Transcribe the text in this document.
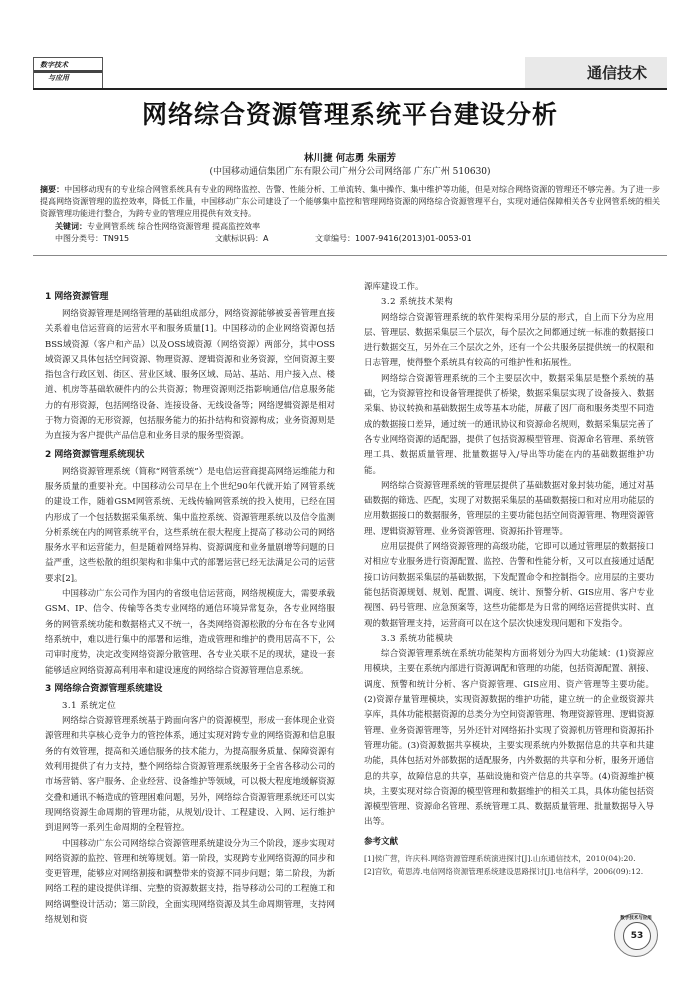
数字技术
与应用	通信技术
网络综合资源管理系统平台建设分析
林川捷 何志勇 朱丽芳
(中国移动通信集团广东有限公司广州分公司网络部 广东广州 510630)
摘要：中国移动现有的专业综合网管系统具有专业的网络监控、告警、性能分析、工单流转、集中操作、集中维护等功能，但是对综合网络资源的管理还不够完善。为了进一步提高网络资源管理的监控效率，降低工作量，中国移动广东公司建设了一个能够集中监控和管理网络资源的网络综合资源管理平台，实现对通信保障相关各专业网管系统的相关资源管理功能进行整合，为跨专业的管理应用提供有效支持。
关键词：专业网管系统 综合性网络资源管理 提高监控效率
中图分类号：TN915	文献标识码：A	文章编号：1007-9416(2013)01-0053-01
1 网络资源管理

网络资源管理是网络管理的基础组成部分，网络资源能够被妥善管理直接关系着电信运营商的运营水平和服务质量[1]。中国移动的企业网络资源包括BSS域资源（客户和产品）以及OSS域资源（网络资源）两部分，其中OSS域资源又具体包括空间资源、物理资源、逻辑资源和业务资源，空间资源主要指包含行政区划、街区、营业区域、服务区域、局站、基站、用户接入点、楼道、机房等基础软硬件内的公共资源；物理资源则泛指影响通信/信息服务能力的有形资源，包括网络设备、连接设备、无线设备等；网络逻辑资源是相对于物力资源的无形资源，包括服务能力的拓扑结构和资源构成；业务资源则是为直接为客户提供产品信息和业务目录的服务型资源。

2 网络资源管理系统现状

网络资源管理系统（简称“网管系统”）是电信运营商提高网络运维能力和服务质量的重要补充。中国移动公司早在上个世纪90年代就开始了网管系统的建设工作，随着GSM网管系统、无线传输网管系统的投入使用，已经在国内形成了一个包括数据采集系统、集中监控系统、资源管理系统以及信令监测分析系统在内的网管系统平台，这些系统在很大程度上提高了移动公司的网络服务水平和运营能力，但是随着网络异构、资源调度和业务量剧增等问题的日益严重，这些松散的组织架构和非集中式的部署运营已经无法满足公司的运营要求[2]。

中国移动广东公司作为国内的省级电信运营商，网络规模庞大，需要承载GSM、IP、信令、传输等各类专业网络的通信环境异常复杂，各专业网络服务的网管系统功能和数据格式又不统一，各类网络资源松散的分布在各专业网络系统中，难以进行集中的部署和运维，造成管理和维护的费用居高不下，公司审时度势，决定改变网络资源分散管理、各专业关联不足的现状，建设一套能够适应网络资源高利用率和建设速度的网络综合资源管理信息系统。

3 网络综合资源管理系统建设
3.1 系统定位

网络综合资源管理系统基于跨面向客户的资源模型，形成一套体现企业资源管理和共享核心竞争力的管控体系，通过实现对跨专业的网络资源和信息服务的有效管理，提高和关通信服务的技术能力，为提高服务质量、保障资源有效利用提供了有力支持，整个网络综合资源管理系统服务于全省各移动公司的市场营销、客户服务、企业经营、设备维护等领域，可以极大程度地缓解资源交叠和通讯不畅造成的管理困难问题，另外，网络综合资源管理系统还可以实现网络资源生命周期的管理功能，从规划/设计、工程建设、入网、运行维护到退网等一系列生命周期的全程管控。

中国移动广东公司网络综合资源管理系统建设分为三个阶段，逐步实现对网络资源的监控、管理和统筹规划。第一阶段，实现跨专业网络资源的同步和变更管理，能够应对网络割接和调整带来的资源不同步问题；第二阶段，为新网络工程的建设提供详细、完整的资源数据支持，指导移动公司的工程施工和网络调整设计活动；第三阶段，全面实现网络资源及其生命周期管理，支持网络规划和资

源库建设工作。

3.2 系统技术架构

网络综合资源管理系统的软件架构采用分层的形式，自上而下分为应用层、管理层、数据采集层三个层次，每个层次之间都通过统一标准的数据接口进行数据交互，另外在三个层次之外，还有一个公共服务层提供统一的权限和日志管理，使得整个系统具有较高的可维护性和拓展性。

网络综合资源管理系统的三个主要层次中，数据采集层是整个系统的基础，它为资源管控和设备管理提供了桥梁，数据采集层实现了设备接入、数据采集、协议转换和基础数据生成等基本功能，屏蔽了因厂商和服务类型不同造成的数据接口差异，通过统一的通讯协议和资源命名规则，数据采集层完善了各专业网络资源的适配器，提供了包括资源模型管理、资源命名管理、系统管理工具、数据质量管理、批量数据导入/导出等功能在内的基础数据维护功能。

网络综合资源管理系统的管理层提供了基础数据对象封装功能，通过对基础数据的筛选、匹配，实现了对数据采集层的基础数据接口和对应用功能层的应用数据接口的数据服务，管理层的主要功能包括空间资源管理、物理资源管理、逻辑资源管理、业务资源管理、资源拓扑管理等。

应用层提供了网络资源管理的高级功能，它即可以通过管理层的数据接口对相应专业服务进行资源配置、监控、告警和性能分析，又可以直接通过适配接口访问数据采集层的基础数据，下发配置命令和控制指令。应用层的主要功能包括资源规划、规划、配置、调度、统计、预警分析、GIS应用、客户专业视图、码号管理、应急预案等，这些功能都是为日常的网络运营提供实时、直观的数据管理支持，运营商可以在这个层次快速发现问题和下发指令。

3.3 系统功能模块

综合资源管理系统在系统功能架构方面将划分为四大功能域：(1)资源应用模块，主要在系统内部进行资源调配和管理的功能，包括资源配置、割接、调度、预警和统计分析、客户资源管理、GIS应用、资产管理等主要功能。(2)资源存量管理模块，实现资源数据的维护功能，建立统一的企业级资源共享库，具体功能根据资源的总类分为空间资源管理、物理资源管理、逻辑资源管理、业务资源管理等，另外还针对网络拓扑实现了资源机历管理和资源拓扑管理功能。(3)资源数据共享模块，主要实现系统内外数据信息的共享和共建功能，具体包括对外部数据的适配服务，内外数据的共享和分析，服务开通信息的共享，故障信息的共享，基础设施和资产信息的共享等。(4)资源维护模块，主要实现对综合资源的模型管理和数据维护的相关工具，具体功能包括资源模型管理、资源命名管理、系统管理工具、数据质量管理、批量数据导入导出等。

参考文献

[1]侯广营，许庆科.网络资源管理系统演进探讨[J].山东通信技术，2010(04):20.

[2]宫钦，荀思涛.电信网络资源管理系统建设思路探讨[J].电信科学，2006(09):12.

数字技术与应用
53
